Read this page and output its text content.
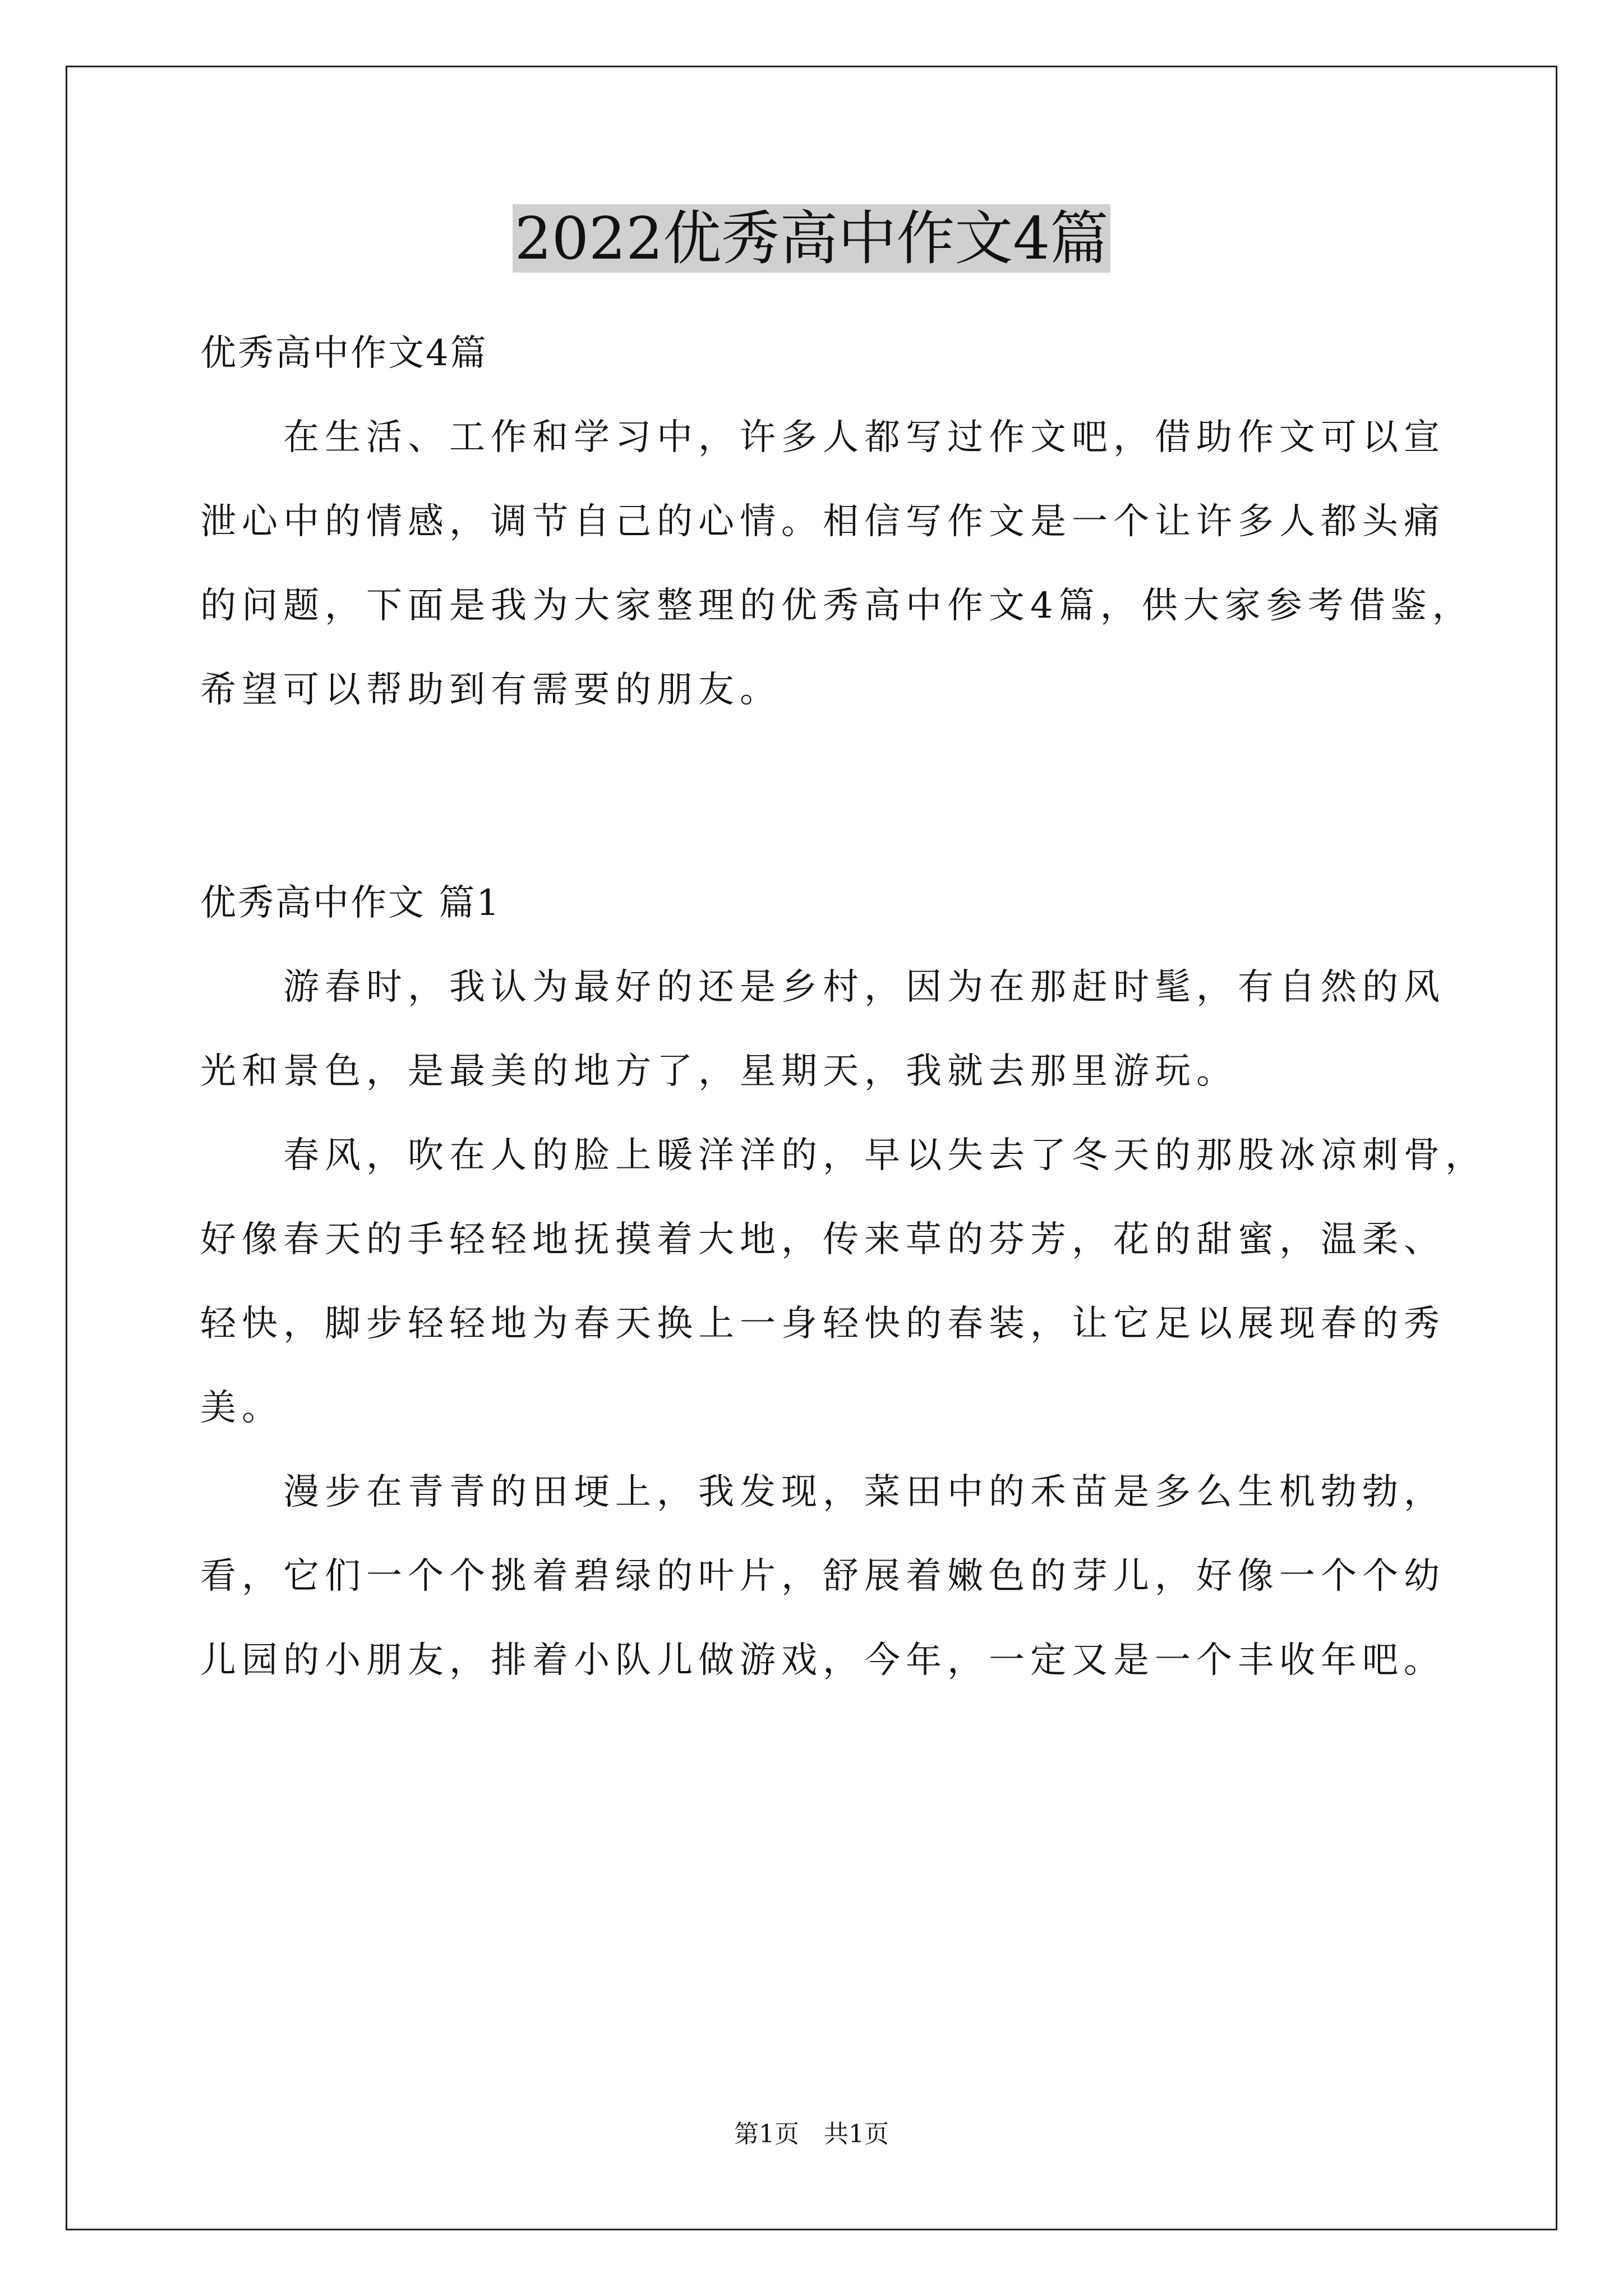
2022优秀高中作文4篇
优秀高中作文4篇
在生活、工作和学习中，许多人都写过作文吧，借助作文可以宣
泄心中的情感，调节自己的心情。相信写作文是一个让许多人都头痛
的问题，下面是我为大家整理的优秀高中作文4篇，供大家参考借鉴，
希望可以帮助到有需要的朋友。
优秀高中作文 篇1
游春时，我认为最好的还是乡村，因为在那赶时髦，有自然的风
光和景色，是最美的地方了，星期天，我就去那里游玩。
春风，吹在人的脸上暖洋洋的，早以失去了冬天的那股冰凉刺骨，
好像春天的手轻轻地抚摸着大地，传来草的芬芳，花的甜蜜，温柔、
轻快，脚步轻轻地为春天换上一身轻快的春装，让它足以展现春的秀
美。
漫步在青青的田埂上，我发现，菜田中的禾苗是多么生机勃勃，
看，它们一个个挑着碧绿的叶片，舒展着嫩色的芽儿，好像一个个幼
儿园的小朋友，排着小队儿做游戏，今年，一定又是一个丰收年吧。
第1页　共1页
